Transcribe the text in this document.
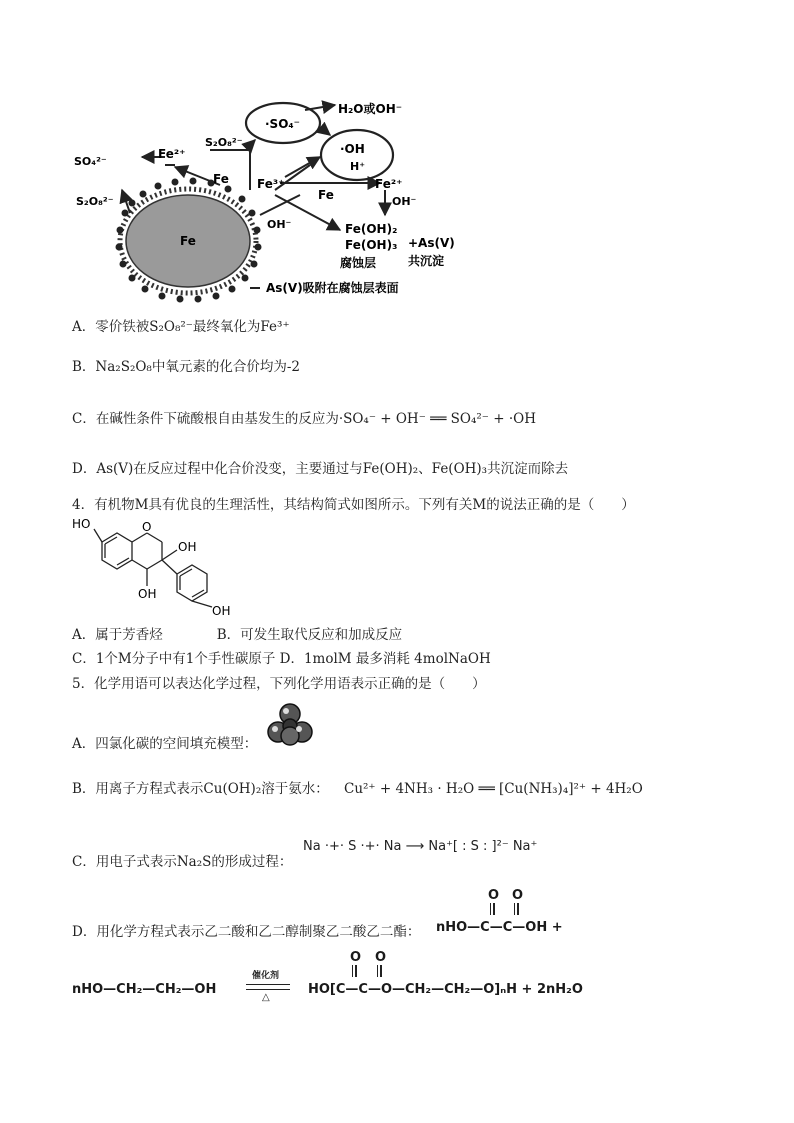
·SO₄⁻
H₂O或OH⁻
·OH
H⁺
SO₄²⁻
Fe²⁺
S₂O₈²⁻
S₂O₈²⁻
Fe Fe³⁺
Fe
Fe²⁺
OH⁻
OH⁻	Fe(OH)₂
Fe(OH)₃ +As(V)
共沉淀
Fe
腐蚀层
As(V)吸附在腐蚀层表面
A．零价铁被S₂O₈²⁻最终氧化为Fe³⁺
B．Na₂S₂O₈中氧元素的化合价均为-2
C．在碱性条件下硫酸根自由基发生的反应为·SO₄⁻ + OH⁻ ══ SO₄²⁻ + ·OH
D．As(V)在反应过程中化合价没变，主要通过与Fe(OH)₂、Fe(OH)₃共沉淀而除去
4．有机物M具有优良的生理活性，其结构简式如图所示。下列有关M的说法正确的是（　　）
HO	O
OH
OH
OH
A．属于芳香烃　　　　B．可发生取代反应和加成反应
C．1个M分子中有1个手性碳原子 D．1molM 最多消耗 4molNaOH
5．化学用语可以表达化学过程，下列化学用语表示正确的是（　　）
A．四氯化碳的空间填充模型：
B．用离子方程式表示Cu(OH)₂溶于氨水： Cu²⁺ + 4NH₃ · H₂O ══ [Cu(NH₃)₄]²⁺ + 4H₂O
C．用电子式表示Na₂S的形成过程：
Na ·+· S ·+· Na ⟶ Na⁺[ : S : ]²⁻ Na⁺
D．用化学方程式表示乙二酸和乙二醇制聚乙二酸乙二酯：
O O
nHO—C—C—OH +
nHO—CH₂—CH₂—OH
催化剂
△
O O
HO[C—C—O—CH₂—CH₂—O]ₙH + 2nH₂O
